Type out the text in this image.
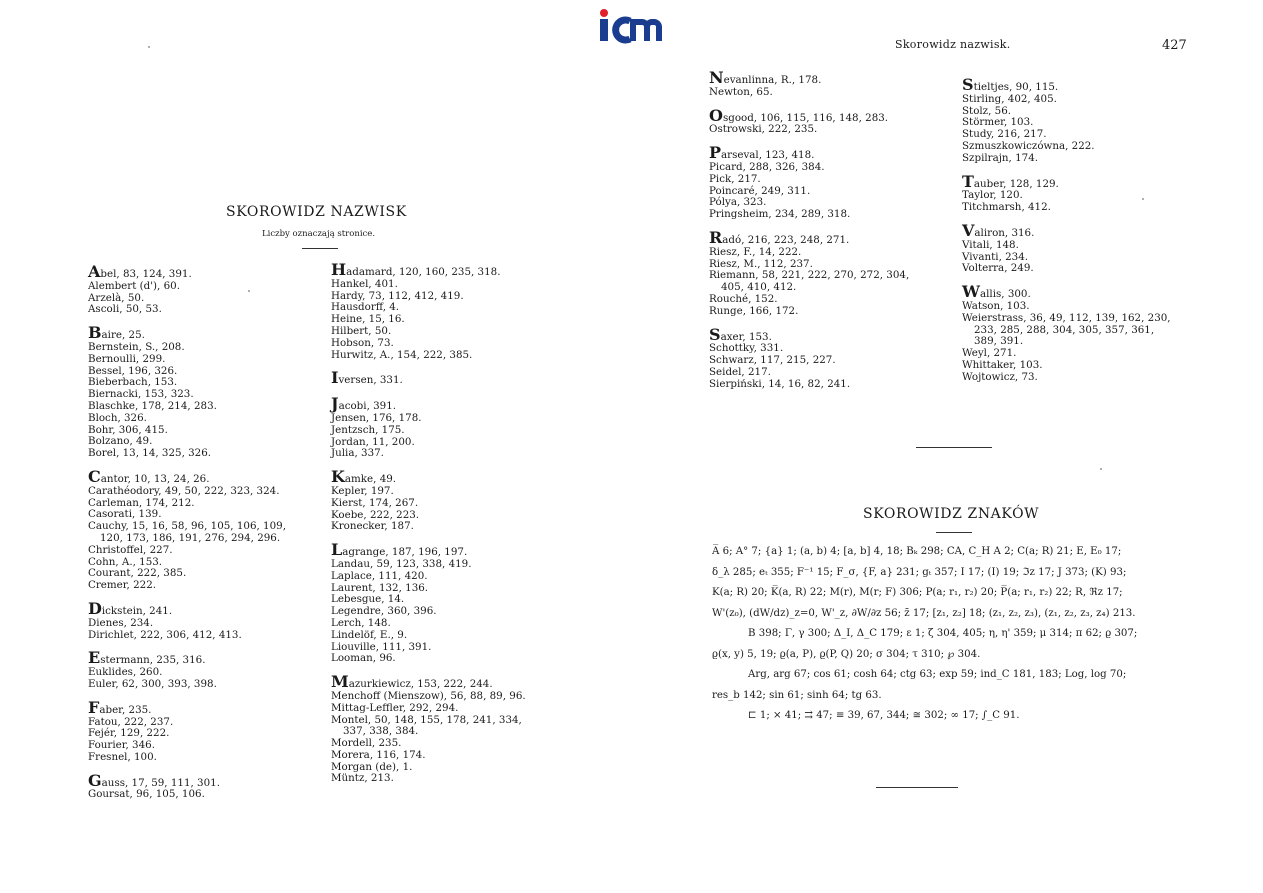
SKOROWIDZ NAZWISK
Liczby oznaczają stronice.
Abel, 83, 124, 391.
Alembert (d'), 60.
Arzelà, 50.
Ascoli, 50, 53.
Baire, 25.
Bernstein, S., 208.
Bernoulli, 299.
Bessel, 196, 326.
Bieberbach, 153.
Biernacki, 153, 323.
Blaschke, 178, 214, 283.
Bloch, 326.
Bohr, 306, 415.
Bolzano, 49.
Borel, 13, 14, 325, 326.
Cantor, 10, 13, 24, 26.
Carathéodory, 49, 50, 222, 323, 324.
Carleman, 174, 212.
Casorati, 139.
Cauchy, 15, 16, 58, 96, 105, 106, 109,
120, 173, 186, 191, 276, 294, 296.
Christoffel, 227.
Cohn, A., 153.
Courant, 222, 385.
Cremer, 222.
Dickstein, 241.
Dienes, 234.
Dirichlet, 222, 306, 412, 413.
Estermann, 235, 316.
Euklides, 260.
Euler, 62, 300, 393, 398.
Faber, 235.
Fatou, 222, 237.
Fejér, 129, 222.
Fourier, 346.
Fresnel, 100.
Gauss, 17, 59, 111, 301.
Goursat, 96, 105, 106.
Hadamard, 120, 160, 235, 318.
Hankel, 401.
Hardy, 73, 112, 412, 419.
Hausdorff, 4.
Heine, 15, 16.
Hilbert, 50.
Hobson, 73.
Hurwitz, A., 154, 222, 385.
Iversen, 331.
Jacobi, 391.
Jensen, 176, 178.
Jentzsch, 175.
Jordan, 11, 200.
Julia, 337.
Kamke, 49.
Kepler, 197.
Kierst, 174, 267.
Koebe, 222, 223.
Kronecker, 187.
Lagrange, 187, 196, 197.
Landau, 59, 123, 338, 419.
Laplace, 111, 420.
Laurent, 132, 136.
Lebesgue, 14.
Legendre, 360, 396.
Lerch, 148.
Lindelöf, E., 9.
Liouville, 111, 391.
Looman, 96.
Mazurkiewicz, 153, 222, 244.
Menchoff (Mienszow), 56, 88, 89, 96.
Mittag-Leffler, 292, 294.
Montel, 50, 148, 155, 178, 241, 334,
337, 338, 384.
Mordell, 235.
Morera, 116, 174.
Morgan (de), 1.
Müntz, 213.
Skorowidz nazwisk.	427
Nevanlinna, R., 178.
Newton, 65.
Osgood, 106, 115, 116, 148, 283.
Ostrowski, 222, 235.
Parseval, 123, 418.
Picard, 288, 326, 384.
Pick, 217.
Poincaré, 249, 311.
Pólya, 323.
Pringsheim, 234, 289, 318.
Radó, 216, 223, 248, 271.
Riesz, F., 14, 222.
Riesz, M., 112, 237.
Riemann, 58, 221, 222, 270, 272, 304,
405, 410, 412.
Rouché, 152.
Runge, 166, 172.
Saxer, 153.
Schottky, 331.
Schwarz, 117, 215, 227.
Seidel, 217.
Sierpiński, 14, 16, 82, 241.
Stieltjes, 90, 115.
Stirling, 402, 405.
Stolz, 56.
Störmer, 103.
Study, 216, 217.
Szmuszkowiczówna, 222.
Szpilrajn, 174.
Tauber, 128, 129.
Taylor, 120.
Titchmarsh, 412.
Valiron, 316.
Vitali, 148.
Vivanti, 234.
Volterra, 249.
Wallis, 300.
Watson, 103.
Weierstrass, 36, 49, 112, 139, 162, 230,
233, 285, 288, 304, 305, 357, 361,
389, 391.
Weyl, 271.
Whittaker, 103.
Wojtowicz, 73.
SKOROWIDZ ZNAKÓW
A̅ 6; A° 7; {a} 1; (a, b) 4; [a, b] 4, 18; Bₖ 298; CA, C_H A 2; C(a; R) 21; E, E₀ 17;
δ_λ 285; eₜ 355; F⁻¹ 15; F_σ, {F, a} 231; gₜ 357; I 17; (I) 19; ℑz 17; J 373; (K) 93;
K(a; R) 20; K̅(a, R) 22; M(r), M(r; F) 306; P(a; r₁, r₂) 20; P̅(a; r₁, r₂) 22; R, ℜz 17;
W'(z₀), (dW/dz)_z=0, W'_z, ∂W/∂z 56; z̄ 17; [z₁, z₂] 18; (z₁, z₂, z₃), (z₁, z₂, z₃, z₄) 213.
B 398; Γ, γ 300; Δ_I, Δ_C 179; ε 1; ζ 304, 405; η, η' 359; μ 314; π 62; ϱ 307;
ϱ(x, y) 5, 19; ϱ(a, P), ϱ(P, Q) 20; σ 304; τ 310; ℘ 304.
Arg, arg 67; cos 61; cosh 64; ctg 63; exp 59; ind_C 181, 183; Log, log 70;
res_b 142; sin 61; sinh 64; tg 63.
⊏ 1; × 41; ⇉ 47; ≡ 39, 67, 344; ≅ 302; ∞ 17; ∫_C 91.
